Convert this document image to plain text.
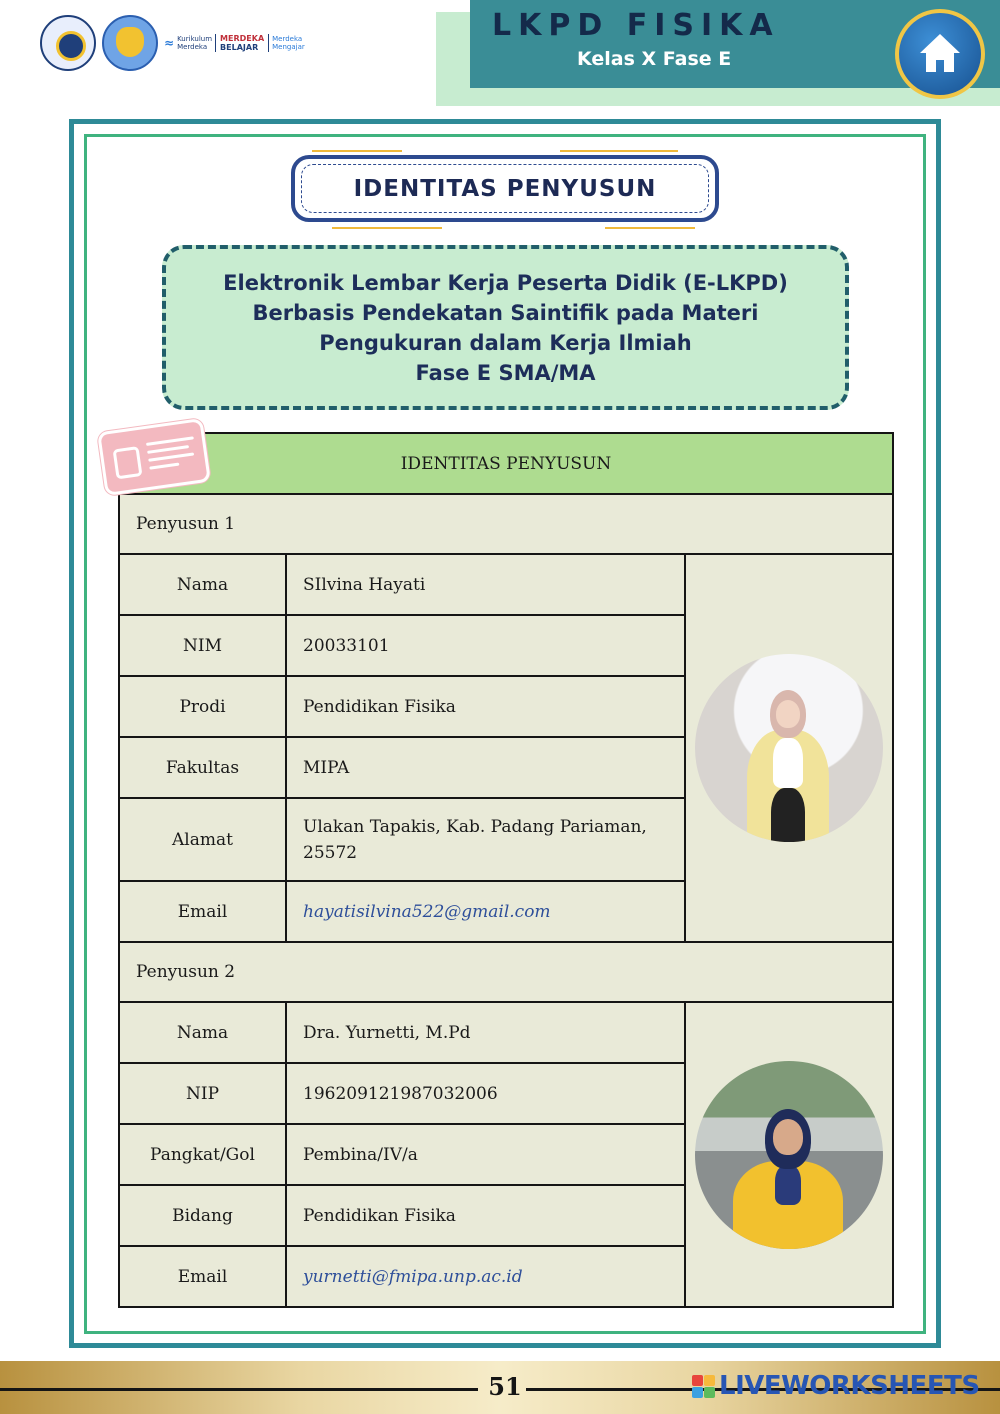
≈ Kurikulum
Merdeka
MERDEKA
BELAJAR
Merdeka
Mengajar
LKPD FISIKA
Kelas X Fase E
IDENTITAS PENYUSUN
Elektronik Lembar Kerja Peserta Didik (E-LKPD)
Berbasis Pendekatan Saintifik pada Materi
Pengukuran dalam Kerja Ilmiah
Fase E SMA/MA
IDENTITAS PENYUSUN		
Penyusun 1		
Nama	SIlvina Hayati	

NIM	20033101	
Prodi	Pendidikan Fisika	
Fakultas	MIPA	
Alamat	Ulakan Tapakis, Kab. Padang Pariaman, 25572	
Email	hayatisilvina522@gmail.com	
Penyusun 2		
Nama	Dra. Yurnetti, M.Pd	

NIP	196209121987032006	
Pangkat/Gol	Pembina/IV/a	
Bidang	Pendidikan Fisika	
Email	yurnetti@fmipa.unp.ac.id	
51	LIVEWORKSHEETS
